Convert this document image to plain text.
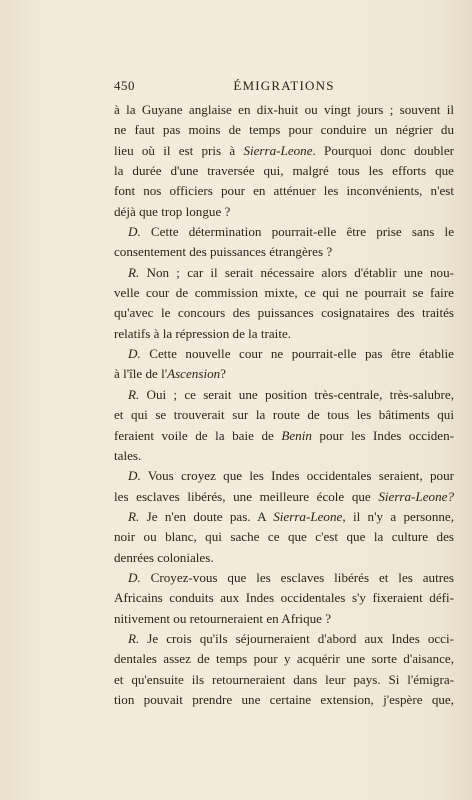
450	ÉMIGRATIONS
à la Guyane anglaise en dix-huit ou vingt jours ; souvent il
ne faut pas moins de temps pour conduire un négrier du
lieu où il est pris à Sierra-Leone. Pourquoi donc doubler
la durée d'une traversée qui, malgré tous les efforts que
font nos officiers pour en atténuer les inconvénients, n'est
déjà que trop longue ?
D. Cette détermination pourrait-elle être prise sans le
consentement des puissances étrangères ?
R. Non ; car il serait nécessaire alors d'établir une nou-
velle cour de commission mixte, ce qui ne pourrait se faire
qu'avec le concours des puissances cosignataires des traités
relatifs à la répression de la traite.
D. Cette nouvelle cour ne pourrait-elle pas être établie
à l'île de l'Ascension?
R. Oui ; ce serait une position très-centrale, très-salubre,
et qui se trouverait sur la route de tous les bâtiments qui
feraient voile de la baie de Benin pour les Indes occiden-
tales.
D. Vous croyez que les Indes occidentales seraient, pour
les esclaves libérés, une meilleure école que Sierra-Leone?
R. Je n'en doute pas. A Sierra-Leone, il n'y a personne,
noir ou blanc, qui sache ce que c'est que la culture des
denrées coloniales.
D. Croyez-vous que les esclaves libérés et les autres
Africains conduits aux Indes occidentales s'y fixeraient défi-
nitivement ou retourneraient en Afrique ?
R. Je crois qu'ils séjourneraient d'abord aux Indes occi-
dentales assez de temps pour y acquérir une sorte d'aisance,
et qu'ensuite ils retourneraient dans leur pays. Si l'émigra-
tion pouvait prendre une certaine extension, j'espère que,
